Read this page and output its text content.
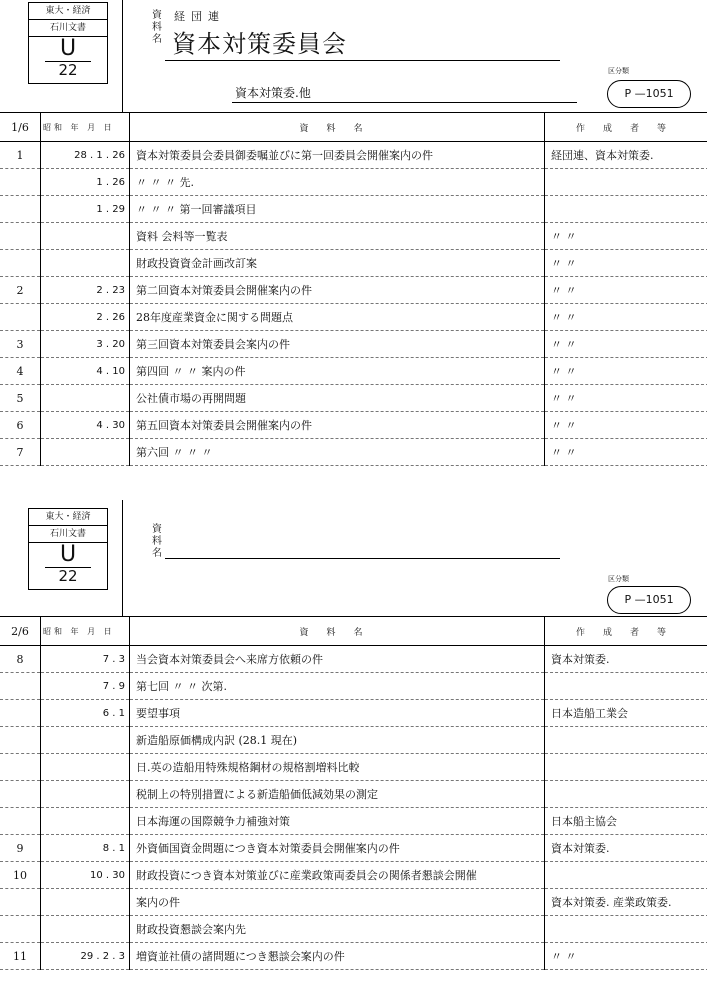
東大・経済
石川文書
U
22
資料名
経団連
資本対策委員会
資本対策委.他
区分類
P —1051
1/6	昭和 年 月 日	資料名	作成者等
1	28 . 1 . 26	資本対策委員会委員御委嘱並びに第一回委員会開催案内の件	経団連、資本対策委.
	1 . 26	〃 〃 〃 先.	
	1 . 29	〃 〃 〃 第一回審議項目	
		資料 会料等一覧表	〃 〃
		財政投資資金計画改訂案	〃 〃
2	2 . 23	第二回資本対策委員会開催案内の件	〃 〃
	2 . 26	28年度産業資金に関する問題点	〃 〃
3	3 . 20	第三回資本対策委員会案内の件	〃 〃
4	4 . 10	第四回 〃 〃 案内の件	〃 〃
5		公社債市場の再開問題	〃 〃
6	4 . 30	第五回資本対策委員会開催案内の件	〃 〃
7		第六回 〃 〃 〃	〃 〃
東大・経済
石川文書
U
22
資料名
区分類
P —1051
2/6	昭和 年 月 日	資料名	作成者等
8	7 . 3	当会資本対策委員会へ来席方依頼の件	資本対策委.
	7 . 9	第七回 〃 〃 次第.	
	6 . 1	要望事項	日本造船工業会
		新造船原価構成内訳 (28.1 現在)	
		日.英の造船用特殊規格鋼材の規格割増料比較	
		税制上の特別措置による新造船価低減効果の測定	
		日本海運の国際競争力補強対策	日本船主協会
9	8 . 1	外資価国資金問題につき資本対策委員会開催案内の件	資本対策委.
10	10 . 30	財政投資につき資本対策並びに産業政策両委員会の関係者懇談会開催	
		案内の件	資本対策委. 産業政策委.
		財政投資懇談会案内先	
11	29 . 2 . 3	増資並社債の諸問題につき懇談会案内の件	〃 〃
